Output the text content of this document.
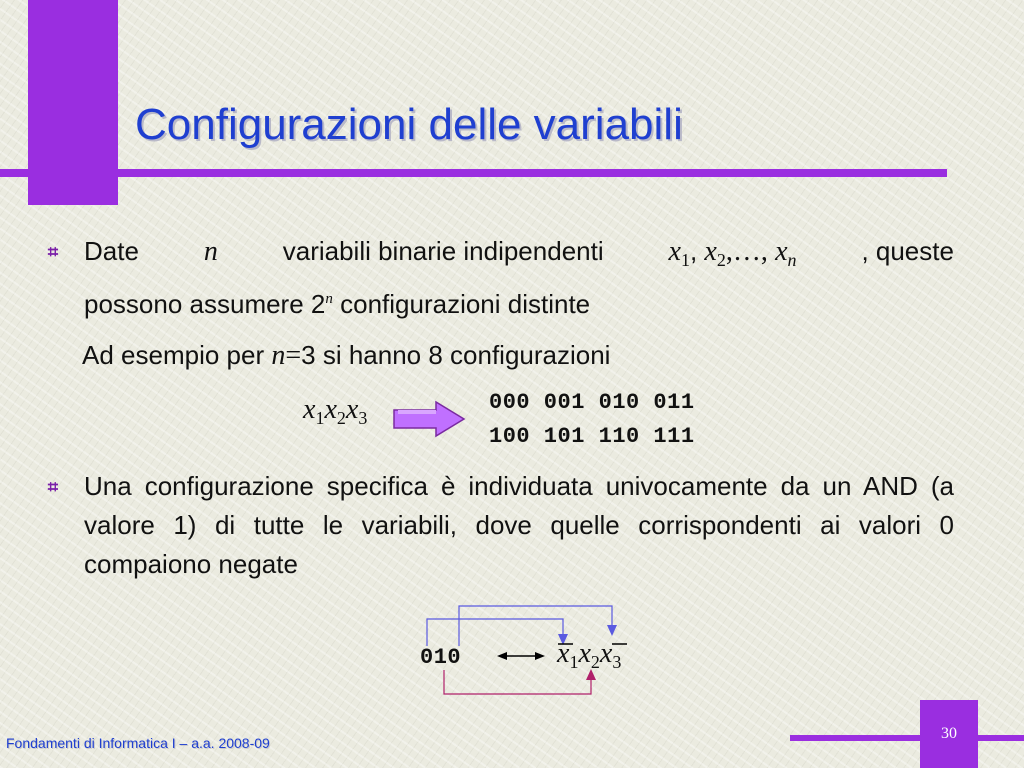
Configurazioni delle variabili
⌗ Date n variabili binarie indipendenti $x_1$, $x_2,\dots$, $x_n$ , queste
possono assumere 2$^n$ configurazioni distinte
Ad esempio per n=3 si hanno 8 configurazioni
x1x2x3
000 001 010 011
100 101 110 111
⌗ Una configurazione specifica è individuata univocamente da un AND (a valore 1) di tutte le variabili, dove quelle corrispondenti ai valori 0 compaiono negate
010	x1x2x3
Fondamenti di Informatica I – a.a. 2008-09
30
